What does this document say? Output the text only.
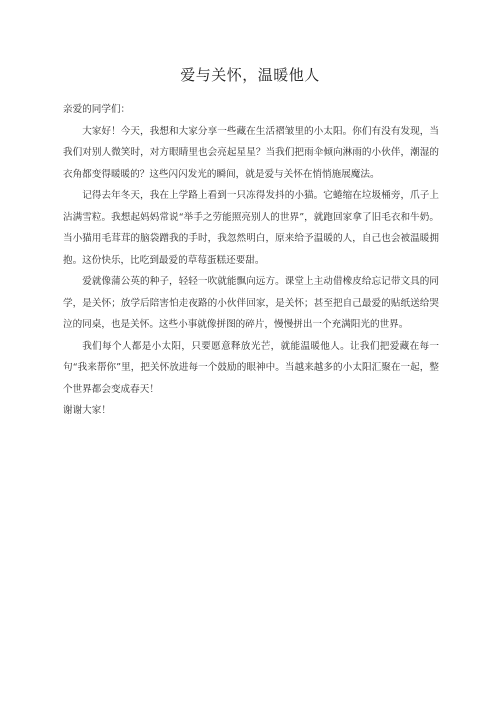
爱与关怀，温暖他人

亲爱的同学们：

大家好！今天，我想和大家分享一些藏在生活褶皱里的小太阳。你们有没有发现，当我们对别人微笑时，对方眼睛里也会亮起星星？当我们把雨伞倾向淋雨的小伙伴，潮湿的衣角都变得暖暖的？这些闪闪发光的瞬间，就是爱与关怀在悄悄施展魔法。

记得去年冬天，我在上学路上看到一只冻得发抖的小猫。它蜷缩在垃圾桶旁，爪子上沾满雪粒。我想起妈妈常说“举手之劳能照亮别人的世界”，就跑回家拿了旧毛衣和牛奶。当小猫用毛茸茸的脑袋蹭我的手时，我忽然明白，原来给予温暖的人，自己也会被温暖拥抱。这份快乐，比吃到最爱的草莓蛋糕还要甜。

爱就像蒲公英的种子，轻轻一吹就能飘向远方。课堂上主动借橡皮给忘记带文具的同学，是关怀；放学后陪害怕走夜路的小伙伴回家，是关怀；甚至把自己最爱的贴纸送给哭泣的同桌，也是关怀。这些小事就像拼图的碎片，慢慢拼出一个充满阳光的世界。

我们每个人都是小太阳，只要愿意释放光芒，就能温暖他人。让我们把爱藏在每一句“我来帮你”里，把关怀放进每一个鼓励的眼神中。当越来越多的小太阳汇聚在一起，整个世界都会变成春天！

谢谢大家！
